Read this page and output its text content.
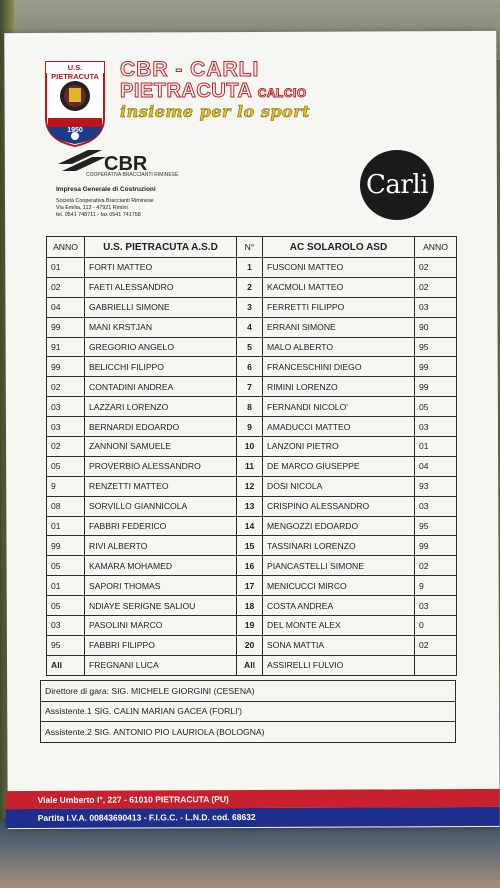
Viale Umberto I°, 227 - 61010 PIETRACUTA (PU)
Partita I.V.A. 00843690413 - F.I.G.C. - L.N.D. cod. 68632
U.S. PIETRACUTA
1950
CBR - CARLI
PIETRACUTA CALCIO
insieme per lo sport
CBR
COOPERATIVA BRACCIANTI RIMINESE
Impresa Generale di Costruzioni
Società Cooperativa Braccianti Riminese
Via Emilia, 113 - 47921 Rimini
tel. 0541 748711 - fax 0541 741758
Carli
ANNO	U.S. PIETRACUTA A.S.D	N°	AC SOLAROLO ASD	ANNO
01	FORTI MATTEO	1	FUSCONI MATTEO	02
02	FAETI ALESSANDRO	2	KACMOLI MATTEO	02
04	GABRIELLI SIMONE	3	FERRETTI FILIPPO	03
99	MANI KRSTJAN	4	ERRANI SIMONE	90
91	GREGORIO ANGELO	5	MALO ALBERTO	95
99	BELICCHI FILIPPO	6	FRANCESCHINI DIEGO	99
02	CONTADINI ANDREA	7	RIMINI LORENZO	99
03	LAZZARI LORENZO	8	FERNANDI NICOLO'	05
03	BERNARDI EDOARDO	9	AMADUCCI MATTEO	03
02	ZANNONI SAMUELE	10	LANZONI PIETRO	01
05	PROVERBIO ALESSANDRO	11	DE MARCO GIUSEPPE	04
9	RENZETTI MATTEO	12	DOSI NICOLA	93
08	SORVILLO GIANNICOLA	13	CRISPINO ALESSANDRO	03
01	FABBRI FEDERICO	14	MENGOZZI EDOARDO	95
99	RIVI ALBERTO	15	TASSINARI LORENZO	99
05	KAMARA MOHAMED	16	PIANCASTELLI SIMONE	02
01	SAPORI THOMAS	17	MENICUCCI MIRCO	9
05	NDIAYE SERIGNE SALIOU	18	COSTA ANDREA	03
03	PASOLINI MARCO	19	DEL MONTE ALEX	0
95	FABBRI FILIPPO	20	SONA MATTIA	02
All	FREGNANI LUCA	All	ASSIRELLI FULVIO	
Direttore di gara: SIG. MICHELE GIORGINI (CESENA)
Assistente.1 SIG. CALIN MARIAN GACEA (FORLI')
Assistente.2 SIG. ANTONIO PIO LAURIOLA (BOLOGNA)
